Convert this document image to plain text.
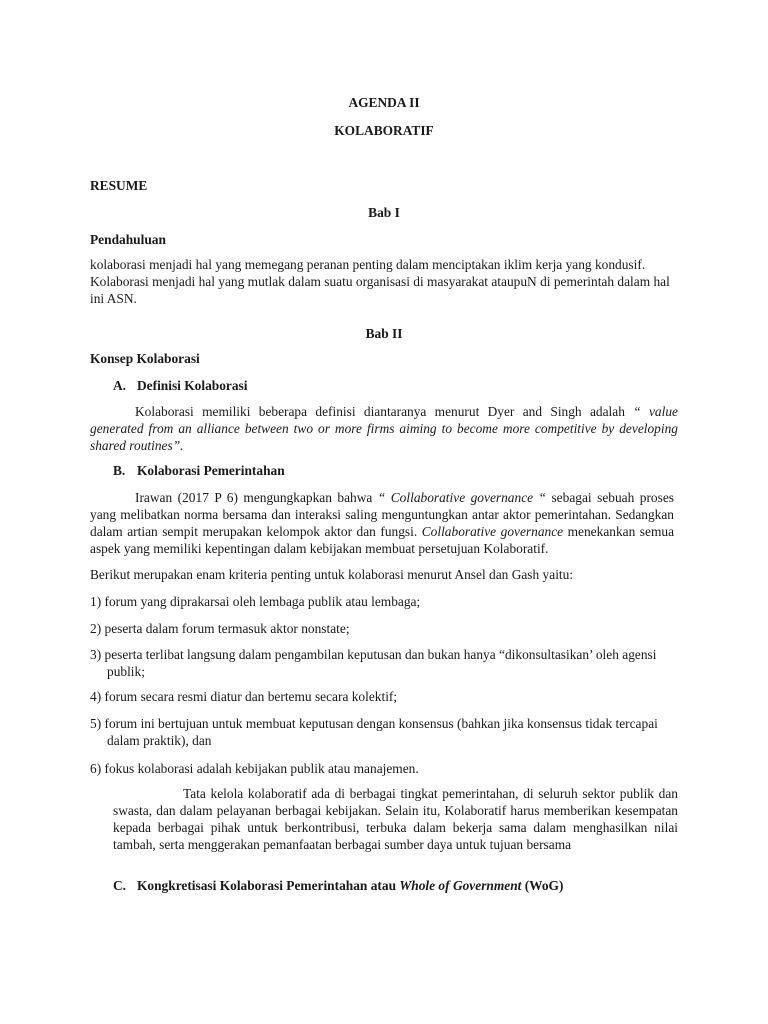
AGENDA II

KOLABORATIF

RESUME

Bab I

Pendahuluan

kolaborasi menjadi hal yang memegang peranan penting dalam menciptakan iklim kerja yang kondusif. Kolaborasi menjadi hal yang mutlak dalam suatu organisasi di masyarakat ataupuN di pemerintah dalam hal ini ASN.

Bab II

Konsep Kolaborasi

A. Definisi Kolaborasi

Kolaborasi memiliki beberapa definisi diantaranya menurut Dyer and Singh adalah “ value generated from an alliance between two or more firms aiming to become more competitive by developing shared routines”.

B. Kolaborasi Pemerintahan

Irawan (2017 P 6) mengungkapkan bahwa “ Collaborative governance “ sebagai sebuah proses yang melibatkan norma bersama dan interaksi saling menguntungkan antar aktor pemerintahan. Sedangkan dalam artian sempit merupakan kelompok aktor dan fungsi. Collaborative governance menekankan semua aspek yang memiliki kepentingan dalam kebijakan membuat persetujuan Kolaboratif.

Berikut merupakan enam kriteria penting untuk kolaborasi menurut Ansel dan Gash yaitu:

1) forum yang diprakarsai oleh lembaga publik atau lembaga;

2) peserta dalam forum termasuk aktor nonstate;

3) peserta terlibat langsung dalam pengambilan keputusan dan bukan hanya “dikonsultasikan’ oleh agensi publik;

4) forum secara resmi diatur dan bertemu secara kolektif;

5) forum ini bertujuan untuk membuat keputusan dengan konsensus (bahkan jika konsensus tidak tercapai dalam praktik), dan

6) fokus kolaborasi adalah kebijakan publik atau manajemen.

Tata kelola kolaboratif ada di berbagai tingkat pemerintahan, di seluruh sektor publik dan swasta, dan dalam pelayanan berbagai kebijakan. Selain itu, Kolaboratif harus memberikan kesempatan kepada berbagai pihak untuk berkontribusi, terbuka dalam bekerja sama dalam menghasilkan nilai tambah, serta menggerakan pemanfaatan berbagai sumber daya untuk tujuan bersama

C. Kongkretisasi Kolaborasi Pemerintahan atau Whole of Government (WoG)
